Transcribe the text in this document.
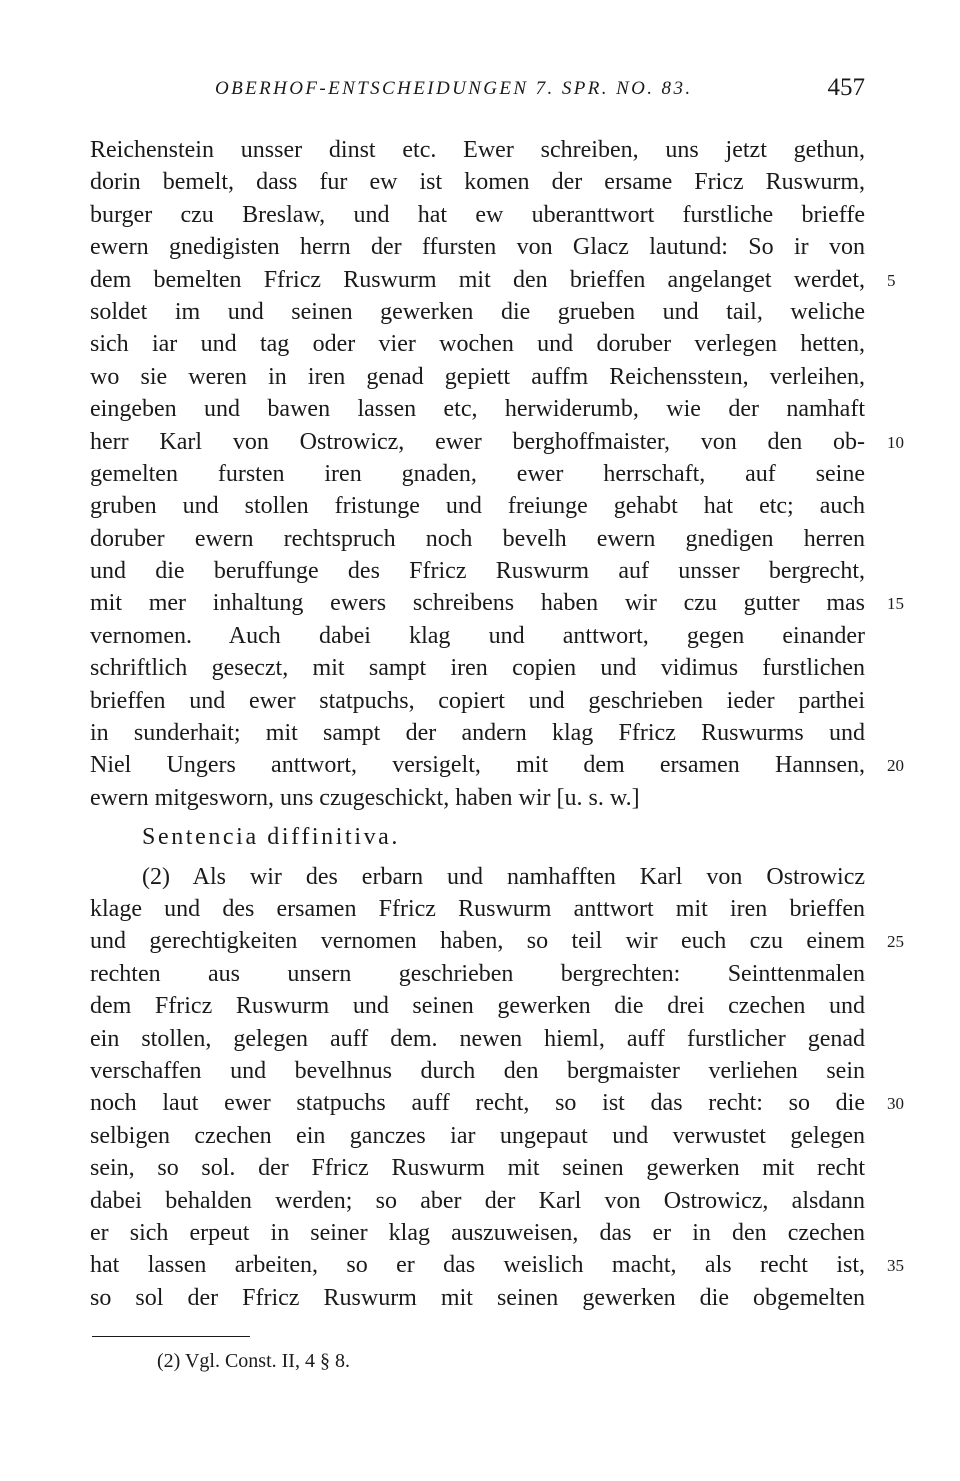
OBERHOF-ENTSCHEIDUNGEN 7. SPR. NO. 83.	457
Reichenstein unsser dinst etc. Ewer schreiben, uns jetzt gethun,
dorin bemelt, dass fur ew ist komen der ersame Fricz Ruswurm,
burger czu Breslaw, und hat ew uberanttwort furstliche brieffe
ewern gnedigisten herrn der ffursten von Glacz lautund: So ir von
dem bemelten Ffricz Ruswurm mit den brieffen angelanget werdet, 5
soldet im und seinen gewerken die grueben und tail, weliche
sich iar und tag oder vier wochen und doruber verlegen hetten,
wo sie weren in iren genad gepiett auffm Reichenssteın, verleihen,
eingeben und bawen lassen etc, herwiderumb, wie der namhaft
herr Karl von Ostrowicz, ewer berghoffmaister, von den ob- 10
gemelten fursten iren gnaden, ewer herrschaft, auf seine
gruben und stollen fristunge und freiunge gehabt hat etc; auch
doruber ewern rechtspruch noch bevelh ewern gnedigen herren
und die beruffunge des Ffricz Ruswurm auf unsser bergrecht,
mit mer inhaltung ewers schreibens haben wir czu gutter mas 15
vernomen. Auch dabei klag und anttwort, gegen einander
schriftlich geseczt, mit sampt iren copien und vidimus furstlichen
brieffen und ewer statpuchs, copiert und geschrieben ieder parthei
in sunderhait; mit sampt der andern klag Ffricz Ruswurms und
Niel Ungers anttwort, versigelt, mit dem ersamen Hannsen, 20
ewern mitgesworn, uns czugeschickt, haben wir [u. s. w.]
Sentencia diffinitiva.
(2) Als wir des erbarn und namhafften Karl von Ostrowicz
klage und des ersamen Ffricz Ruswurm anttwort mit iren brieffen
und gerechtigkeiten vernomen haben, so teil wir euch czu einem 25
rechten aus unsern geschrieben bergrechten: Seinttenmalen
dem Ffricz Ruswurm und seinen gewerken die drei czechen und
ein stollen, gelegen auff dem. newen hieml, auff furstlicher genad
verschaffen und bevelhnus durch den bergmaister verliehen sein
noch laut ewer statpuchs auff recht, so ist das recht: so die 30
selbigen czechen ein ganczes iar ungepaut und verwustet gelegen
sein, so sol. der Ffricz Ruswurm mit seinen gewerken mit recht
dabei behalden werden; so aber der Karl von Ostrowicz, alsdann
er sich erpeut in seiner klag auszuweisen, das er in den czechen
hat lassen arbeiten, so er das weislich macht, als recht ist, 35
so sol der Ffricz Ruswurm mit seinen gewerken die obgemelten
(2) Vgl. Const. II, 4 § 8.
